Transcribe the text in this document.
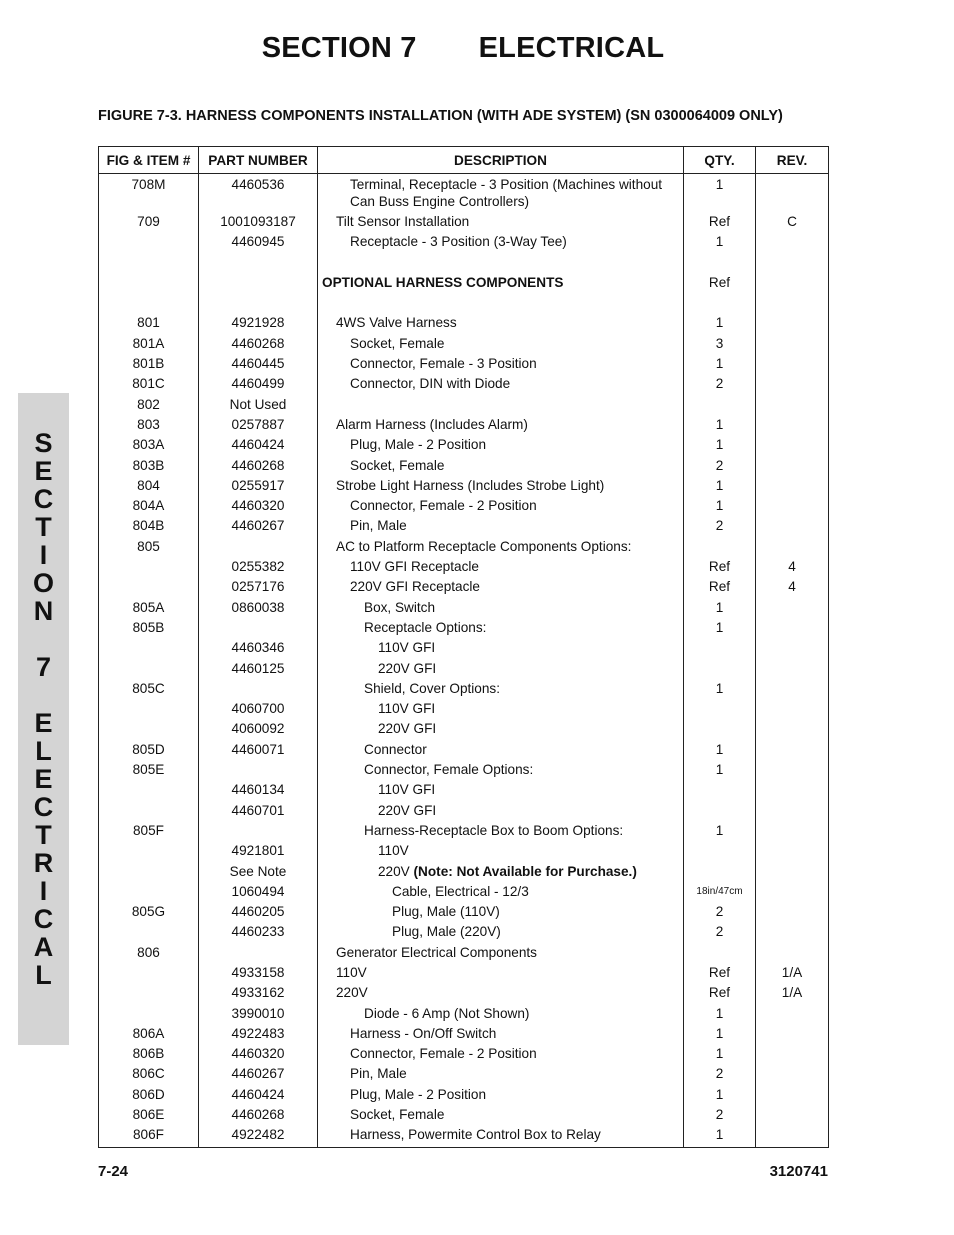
SECTION 7 ELECTRICAL
FIGURE 7-3. HARNESS COMPONENTS INSTALLATION (WITH ADE SYSTEM) (SN 0300064009 ONLY)
S
E
C
T
I
O
N
7
E
L
E
C
T
R
I
C
A
L
FIG & ITEM #	PART NUMBER	DESCRIPTION	QTY.	REV.
708M	4460536	Terminal, Receptacle - 3 Position (Machines without Can Buss Engine Controllers)	1	
709	1001093187	Tilt Sensor Installation	Ref	C
	4460945	Receptacle - 3 Position (3-Way Tee)	1	

		OPTIONAL HARNESS COMPONENTS	Ref	

801	4921928	4WS Valve Harness	1	
801A	4460268	Socket, Female	3	
801B	4460445	Connector, Female - 3 Position	1	
801C	4460499	Connector, DIN with Diode	2	
802	Not Used			
803	0257887	Alarm Harness (Includes Alarm)	1	
803A	4460424	Plug, Male - 2 Position	1	
803B	4460268	Socket, Female	2	
804	0255917	Strobe Light Harness (Includes Strobe Light)	1	
804A	4460320	Connector, Female - 2 Position	1	
804B	4460267	Pin, Male	2	
805		AC to Platform Receptacle Components Options:		
	0255382	110V GFI Receptacle	Ref	4
	0257176	220V GFI Receptacle	Ref	4
805A	0860038	Box, Switch	1	
805B		Receptacle Options:	1	
	4460346	110V GFI		
	4460125	220V GFI		
805C		Shield, Cover Options:	1	
	4060700	110V GFI		
	4060092	220V GFI		
805D	4460071	Connector	1	
805E		Connector, Female Options:	1	
	4460134	110V GFI		
	4460701	220V GFI		
805F		Harness-Receptacle Box to Boom Options:	1	
	4921801	110V		
	See Note	220V (Note: Not Available for Purchase.)		
	1060494	Cable, Electrical - 12/3	18in/47cm	
805G	4460205	Plug, Male (110V)	2	
	4460233	Plug, Male (220V)	2	
806		Generator Electrical Components		
	4933158	110V	Ref	1/A
	4933162	220V	Ref	1/A
	3990010	Diode - 6 Amp (Not Shown)	1	
806A	4922483	Harness - On/Off Switch	1	
806B	4460320	Connector, Female - 2 Position	1	
806C	4460267	Pin, Male	2	
806D	4460424	Plug, Male - 2 Position	1	
806E	4460268	Socket, Female	2	
806F	4922482	Harness, Powermite Control Box to Relay	1	
7-24	3120741
